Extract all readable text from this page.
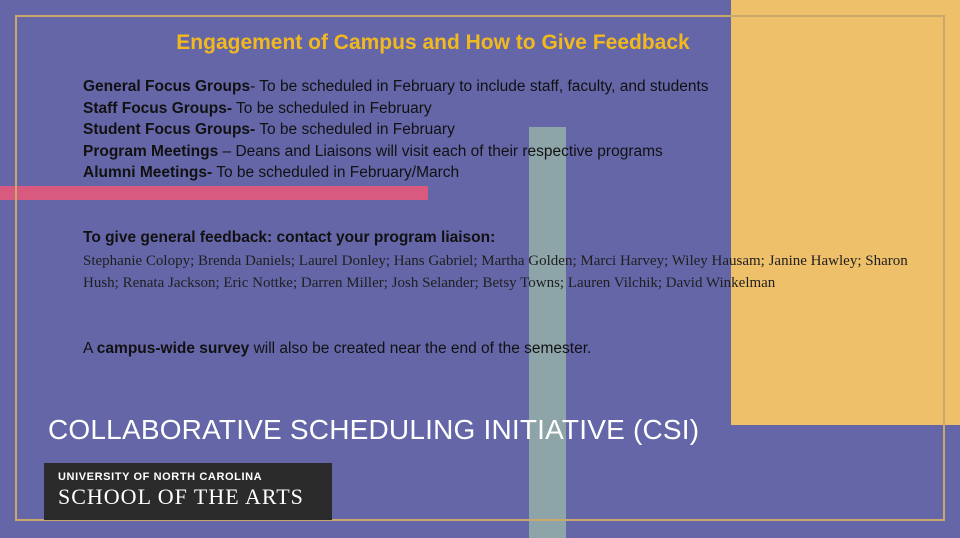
Engagement of Campus and How to Give Feedback
General Focus Groups- To be scheduled in February to include staff, faculty, and students
Staff Focus Groups- To be scheduled in February
Student Focus Groups- To be scheduled in February
Program Meetings – Deans and Liaisons will visit each of their respective programs
Alumni Meetings- To be scheduled in February/March
To give general feedback: contact your program liaison:
Stephanie Colopy; Brenda Daniels; Laurel Donley; Hans Gabriel; Martha Golden; Marci Harvey; Wiley Hausam; Janine Hawley; Sharon Hush; Renata Jackson; Eric Nottke; Darren Miller; Josh Selander; Betsy Towns; Lauren Vilchik; David Winkelman
A campus-wide survey will also be created near the end of the semester.
COLLABORATIVE SCHEDULING INITIATIVE (CSI)
UNIVERSITY OF NORTH CAROLINA
SCHOOL OF THE ARTS
